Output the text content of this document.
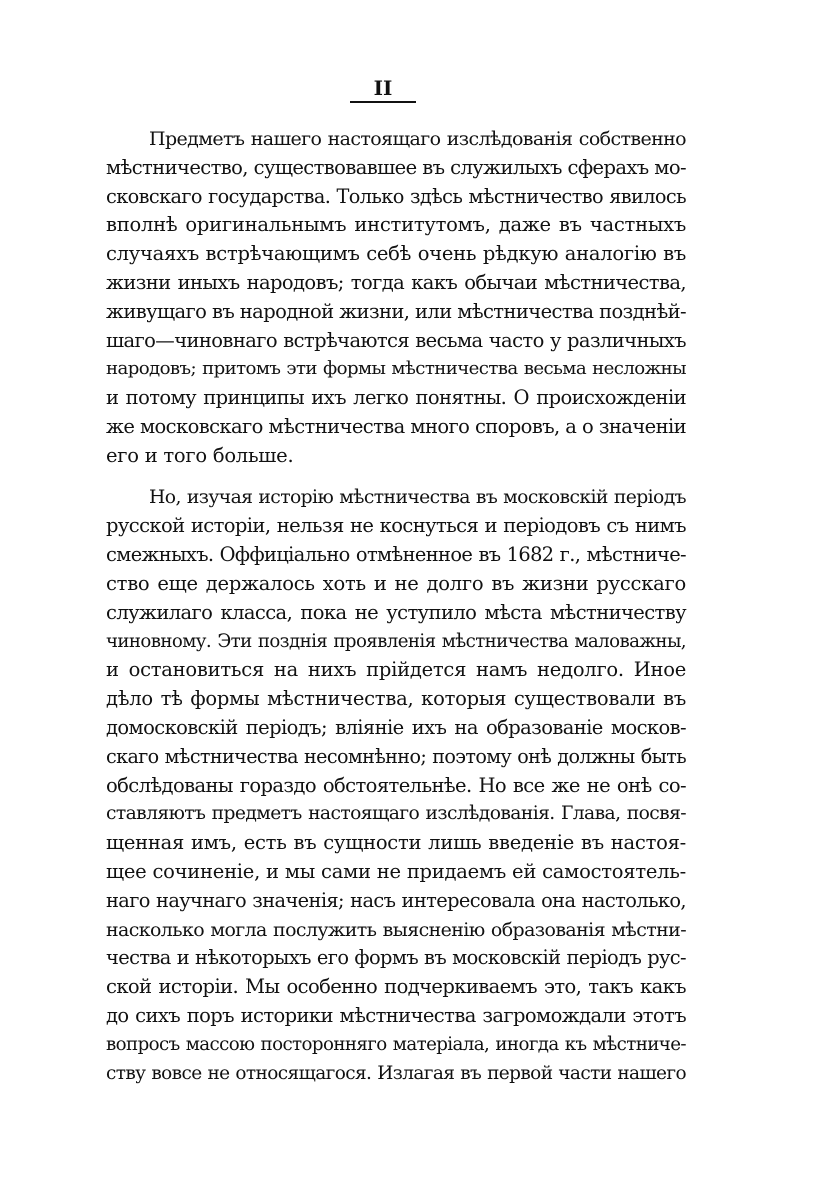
II
Предметъ нашего настоящаго изслѣдованія собственно
мѣстничество, существовавшее въ служилыхъ сферахъ мо-
сковскаго государства. Только здѣсь мѣстничество явилось
вполнѣ оригинальнымъ институтомъ, даже въ частныхъ
случаяхъ встрѣчающимъ себѣ очень рѣдкую аналогію въ
жизни иныхъ народовъ; тогда какъ обычаи мѣстничества,
живущаго въ народной жизни, или мѣстничества позднѣй-
шаго—чиновнаго встрѣчаются весьма часто у различныхъ
народовъ; притомъ эти формы мѣстничества весьма несложны
и потому принципы ихъ легко понятны. О происхожденіи
же московскаго мѣстничества много споровъ, а о значеніи
его и того больше.
Но, изучая исторію мѣстничества въ московскій періодъ
русской исторіи, нельзя не коснуться и періодовъ съ нимъ
смежныхъ. Оффиціально отмѣненное въ 1682 г., мѣстниче-
ство еще держалось хоть и не долго въ жизни русскаго
служилаго класса, пока не уступило мѣста мѣстничеству
чиновному. Эти позднія проявленія мѣстничества маловажны,
и остановиться на нихъ прійдется намъ недолго. Иное
дѣло тѣ формы мѣстничества, которыя существовали въ
домосковскій періодъ; вліяніе ихъ на образованіе москов-
скаго мѣстничества несомнѣнно; поэтому онѣ должны быть
обслѣдованы гораздо обстоятельнѣе. Но все же не онѣ со-
ставляютъ предметъ настоящаго изслѣдованія. Глава, посвя-
щенная имъ, есть въ сущности лишь введеніе въ настоя-
щее сочиненіе, и мы сами не придаемъ ей самостоятель-
наго научнаго значенія; насъ интересовала она настолько,
насколько могла послужить выясненію образованія мѣстни-
чества и нѣкоторыхъ его формъ въ московскій періодъ рус-
ской исторіи. Мы особенно подчеркиваемъ это, такъ какъ
до сихъ поръ историки мѣстничества загромождали этотъ
вопросъ массою посторонняго матеріала, иногда къ мѣстниче-
ству вовсе не относящагося. Излагая въ первой части нашего
